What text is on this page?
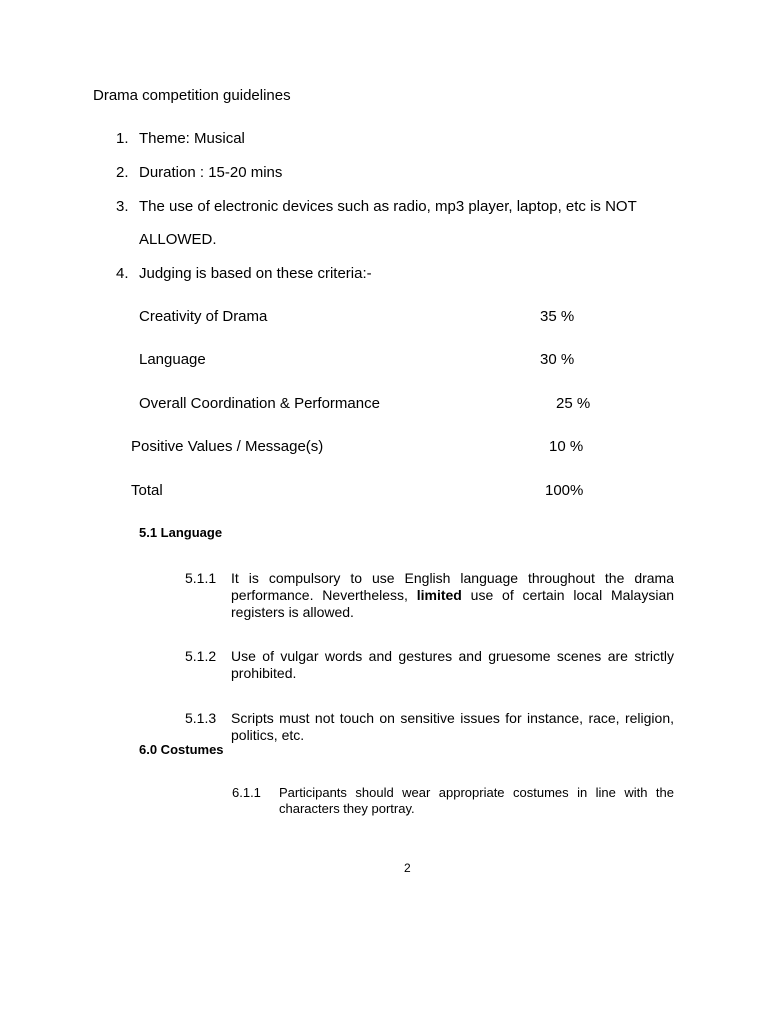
Drama competition guidelines
1. Theme: Musical
2. Duration : 15-20 mins
3. The use of electronic devices such as radio, mp3 player, laptop, etc is NOT
ALLOWED.
4. Judging is based on these criteria:-
Creativity of Drama	35 %
Language	30 %
Overall Coordination & Performance	25 %
Positive Values / Message(s)	10 %
Total	100%
5.1 Language
5.1.1 It is compulsory to use English language throughout the drama performance. Nevertheless, limited use of certain local Malaysian registers is allowed.
5.1.2 Use of vulgar words and gestures and gruesome scenes are strictly prohibited.
5.1.3 Scripts must not touch on sensitive issues for instance, race, religion, politics, etc.
6.0 Costumes
6.1.1 Participants should wear appropriate costumes in line with the characters they portray.
2
